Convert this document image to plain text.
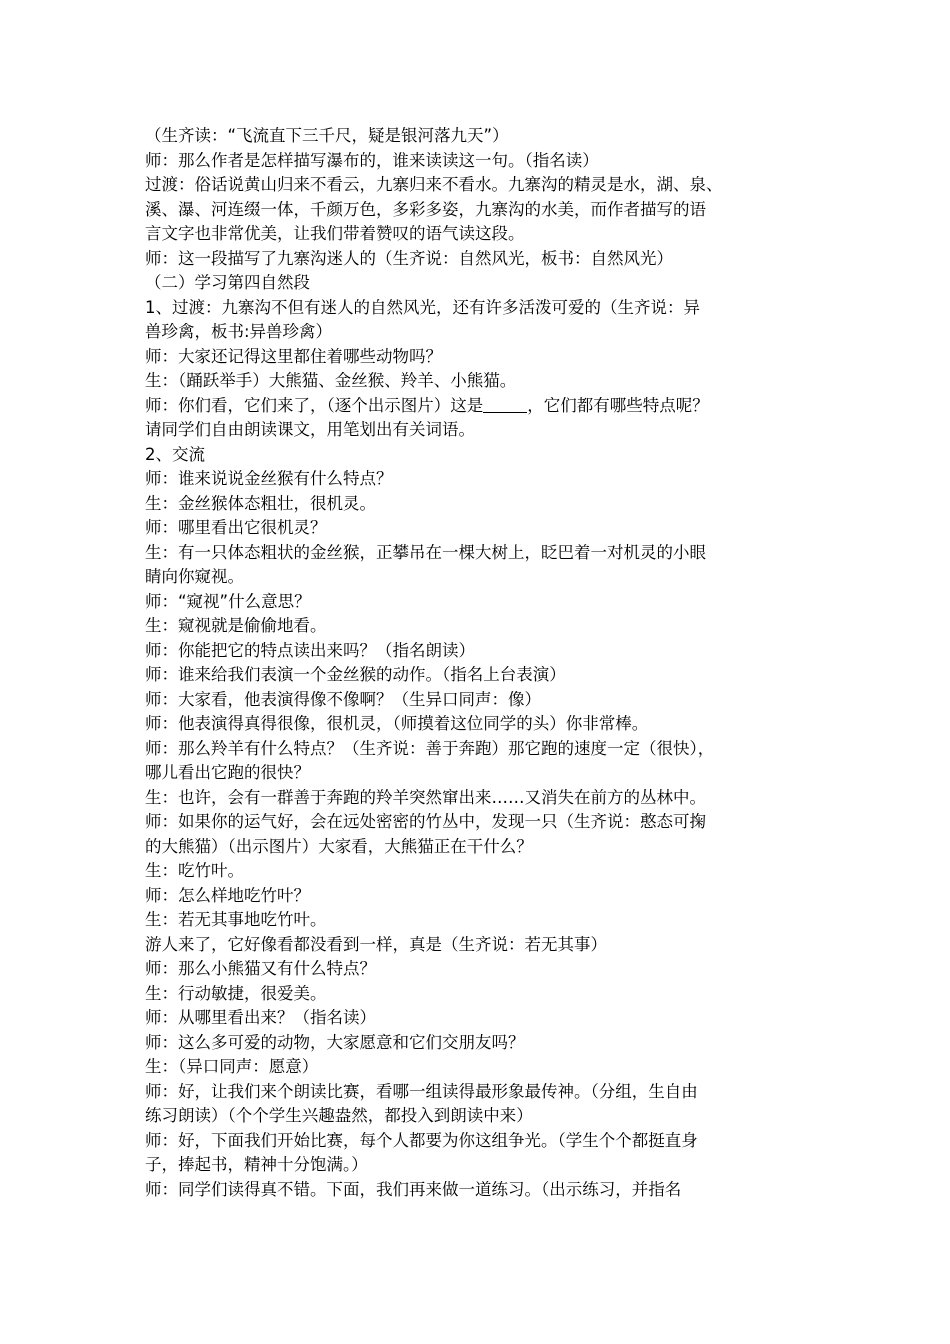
（生齐读：“飞流直下三千尺，疑是银河落九天”）
师：那么作者是怎样描写瀑布的，谁来读读这一句。（指名读）
过渡：俗话说黄山归来不看云，九寨归来不看水。九寨沟的精灵是水，湖、泉、
溪、瀑、河连缀一体，千颜万色，多彩多姿，九寨沟的水美，而作者描写的语
言文字也非常优美，让我们带着赞叹的语气读这段。
师：这一段描写了九寨沟迷人的（生齐说：自然风光，板书：自然风光）
（二）学习第四自然段
1、过渡：九寨沟不但有迷人的自然风光，还有许多活泼可爱的（生齐说：异
兽珍禽，板书:异兽珍禽）
师：大家还记得这里都住着哪些动物吗？
生：（踊跃举手）大熊猫、金丝猴、羚羊、小熊猫。
师：你们看，它们来了，（逐个出示图片）这是	，它们都有哪些特点呢？
请同学们自由朗读课文，用笔划出有关词语。
2、交流
师：谁来说说金丝猴有什么特点？
生：金丝猴体态粗壮，很机灵。
师：哪里看出它很机灵？
生：有一只体态粗状的金丝猴，正攀吊在一棵大树上，眨巴着一对机灵的小眼
睛向你窥视。
师：“窥视”什么意思？
生：窥视就是偷偷地看。
师：你能把它的特点读出来吗？（指名朗读）
师：谁来给我们表演一个金丝猴的动作。（指名上台表演）
师：大家看，他表演得像不像啊？（生异口同声：像）
师：他表演得真得很像，很机灵，（师摸着这位同学的头）你非常棒。
师：那么羚羊有什么特点？（生齐说：善于奔跑）那它跑的速度一定（很快），
哪儿看出它跑的很快？
生：也许，会有一群善于奔跑的羚羊突然窜出来……又消失在前方的丛林中。
师：如果你的运气好，会在远处密密的竹丛中，发现一只（生齐说：憨态可掬
的大熊猫）（出示图片）大家看，大熊猫正在干什么？
生：吃竹叶。
师：怎么样地吃竹叶？
生：若无其事地吃竹叶。
游人来了，它好像看都没看到一样，真是（生齐说：若无其事）
师：那么小熊猫又有什么特点？
生：行动敏捷，很爱美。
师：从哪里看出来？（指名读）
师：这么多可爱的动物，大家愿意和它们交朋友吗？
生：（异口同声：愿意）
师：好，让我们来个朗读比赛，看哪一组读得最形象最传神。（分组，生自由
练习朗读）（个个学生兴趣盎然，都投入到朗读中来）
师：好，下面我们开始比赛，每个人都要为你这组争光。（学生个个都挺直身
子，捧起书，精神十分饱满。）
师：同学们读得真不错。下面，我们再来做一道练习。（出示练习，并指名
